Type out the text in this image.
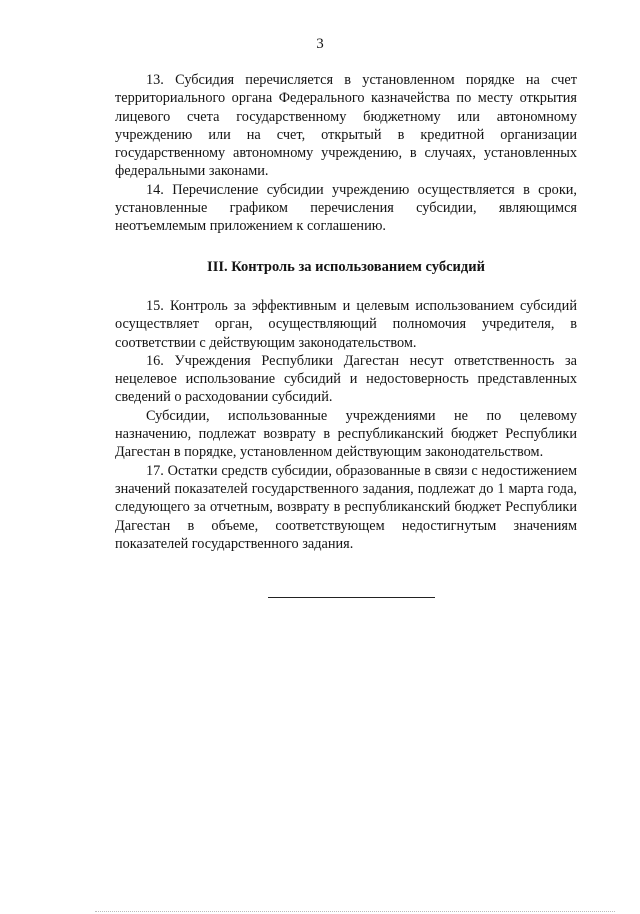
3

13. Субсидия перечисляется в установленном порядке на счет территориального органа Федерального казначейства по месту открытия лицевого счета государственному бюджетному или автономному учреждению или на счет, открытый в кредитной организации государственному автономному учреждению, в случаях, установленных федеральными законами.

14. Перечисление субсидии учреждению осуществляется в сроки, установленные графиком перечисления субсидии, являющимся неотъемлемым приложением к соглашению.

III. Контроль за использованием субсидий

15. Контроль за эффективным и целевым использованием субсидий осуществляет орган, осуществляющий полномочия учредителя, в соответствии с действующим законодательством.

16. Учреждения Республики Дагестан несут ответственность за нецелевое использование субсидий и недостоверность представленных сведений о расходовании субсидий.

Субсидии, использованные учреждениями не по целевому назначению, подлежат возврату в республиканский бюджет Республики Дагестан в порядке, установленном действующим законодательством.

17. Остатки средств субсидии, образованные в связи с недостижением значений показателей государственного задания, подлежат до 1 марта года, следующего за отчетным, возврату в республиканский бюджет Республики Дагестан в объеме, соответствующем недостигнутым значениям показателей государственного задания.
